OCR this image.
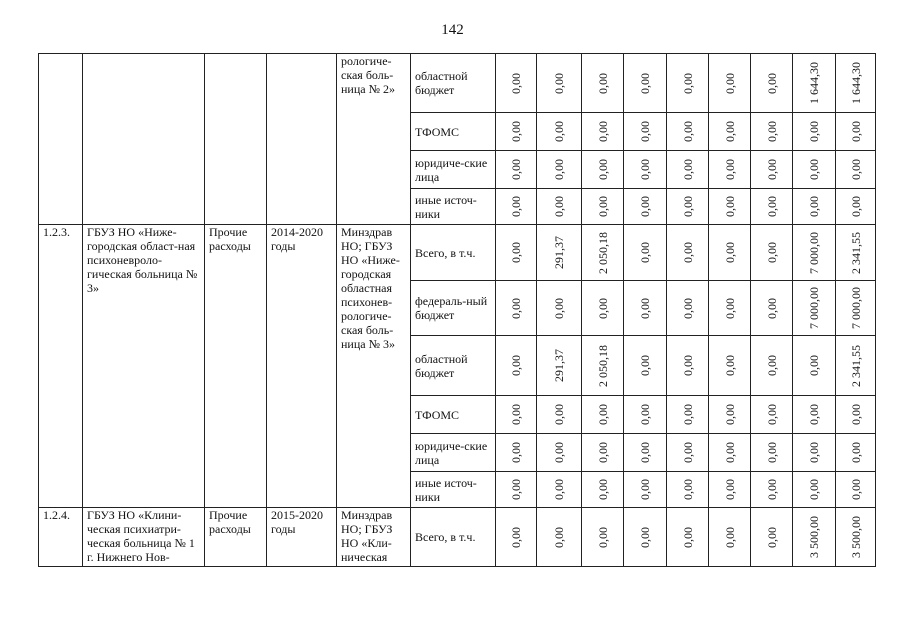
142
				рологиче-ская боль-ница № 2»	областной бюджет	0,00	0,00	0,00	0,00	0,00	0,00	0,00	1 644,30	1 644,30

					ТФОМС	0,00	0,00	0,00	0,00	0,00	0,00	0,00	0,00	0,00

					юридиче-ские лица	0,00	0,00	0,00	0,00	0,00	0,00	0,00	0,00	0,00

					иные источ-ники	0,00	0,00	0,00	0,00	0,00	0,00	0,00	0,00	0,00

1.2.3.	ГБУЗ НО «Ниже-городская област-ная психоневроло-гическая больница № 3»	Прочие расходы	2014-2020 годы	Минздрав НО; ГБУЗ НО «Ниже-городская областная психонев-рологиче-ская боль-ница № 3»	Всего, в т.ч.	0,00	291,37	2 050,18	0,00	0,00	0,00	0,00	7 000,00	2 341,55

					федераль-ный бюджет	0,00	0,00	0,00	0,00	0,00	0,00	0,00	7 000,00	7 000,00

					областной бюджет	0,00	291,37	2 050,18	0,00	0,00	0,00	0,00	0,00	2 341,55

					ТФОМС	0,00	0,00	0,00	0,00	0,00	0,00	0,00	0,00	0,00

					юридиче-ские лица	0,00	0,00	0,00	0,00	0,00	0,00	0,00	0,00	0,00

					иные источ-ники	0,00	0,00	0,00	0,00	0,00	0,00	0,00	0,00	0,00

1.2.4.	ГБУЗ НО «Клини-ческая психиатри-ческая больница № 1 г. Нижнего Нов-	Прочие расходы	2015-2020 годы	Минздрав НО; ГБУЗ НО «Кли-ническая	Всего, в т.ч.	0,00	0,00	0,00	0,00	0,00	0,00	0,00	3 500,00	3 500,00
